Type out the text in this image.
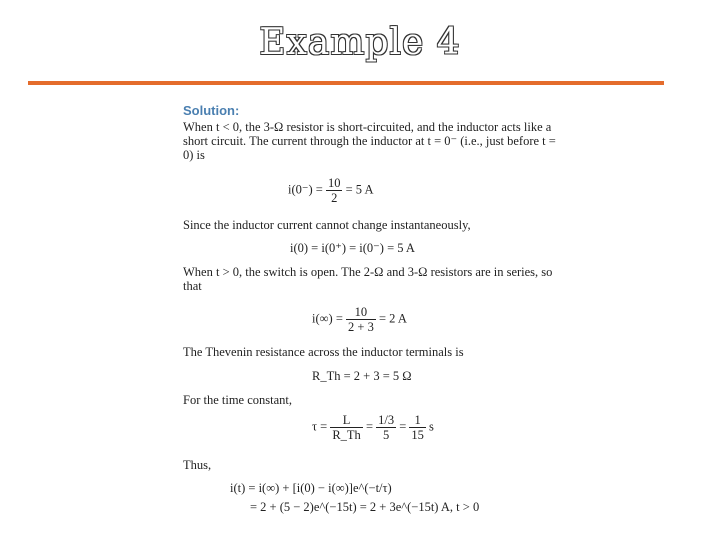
Example 4
Solution:

When t < 0, the 3-Ω resistor is short-circuited, and the inductor acts like a short circuit. The current through the inductor at t = 0⁻ (i.e., just before t = 0) is

$i(0^-) = \frac{10}{2} = 5$ A
Since the inductor current cannot change instantaneously,
i(0) = i(0⁺) = i(0⁻) = 5 A
When t > 0, the switch is open. The 2-Ω and 3-Ω resistors are in series, so that
$i(\infty) = \frac{10}{2 + 3} = 2$ A
The Thevenin resistance across the inductor terminals is
R_Th = 2 + 3 = 5 Ω
For the time constant,
$\tau = \frac{L}{R\_Th} = \frac{1/3}{5} = \frac{1}{15}$ s
Thus,
i(t) = i(∞) + [i(0) − i(∞)]e^(−t/τ)
= 2 + (5 − 2)e^(−15t) = 2 + 3e^(−15t) A, t > 0
